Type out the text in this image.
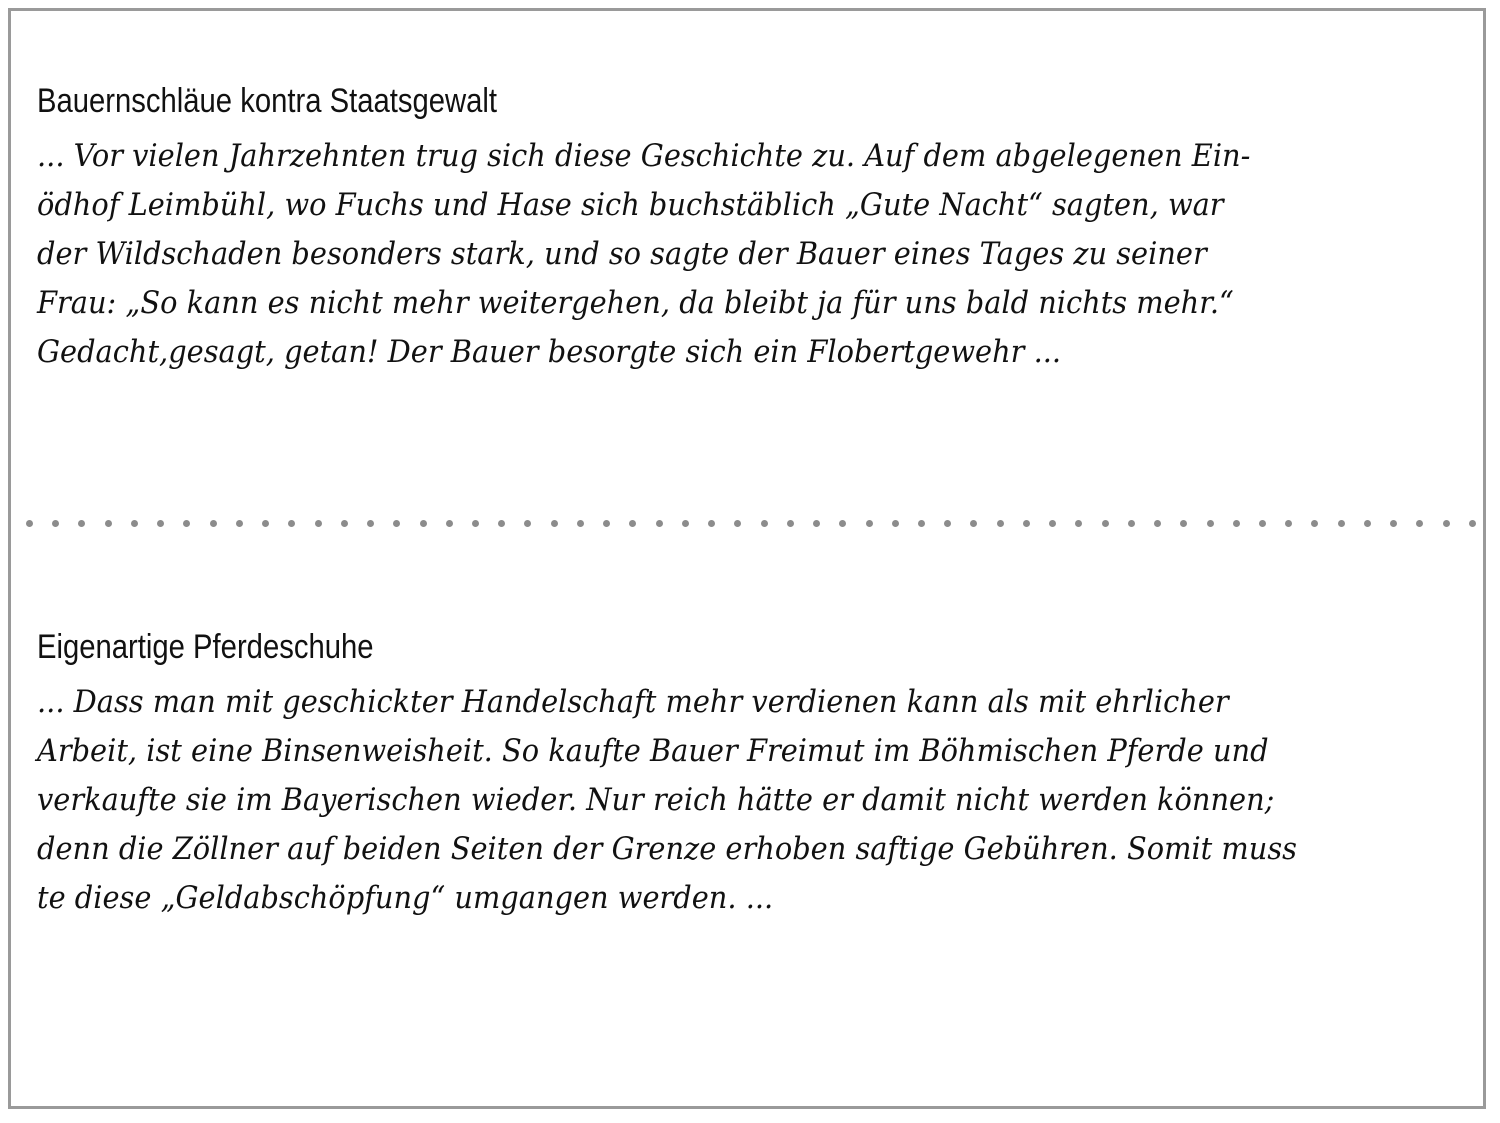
Bauernschläue kontra Staatsgewalt

... Vor vielen Jahrzehnten trug sich diese Geschichte zu. Auf dem abgelegenen Ein-
ödhof Leimbühl, wo Fuchs und Hase sich buchstäblich „Gute Nacht“ sagten, war
der Wildschaden besonders stark, und so sagte der Bauer eines Tages zu seiner
Frau: „So kann es nicht mehr weitergehen, da bleibt ja für uns bald nichts mehr.“
Gedacht,gesagt, getan! Der Bauer besorgte sich ein Flobertgewehr ...

Eigenartige Pferdeschuhe

... Dass man mit geschickter Handelschaft mehr verdienen kann als mit ehrlicher
Arbeit, ist eine Binsenweisheit. So kaufte Bauer Freimut im Böhmischen Pferde und
verkaufte sie im Bayerischen wieder. Nur reich hätte er damit nicht werden können;
denn die Zöllner auf beiden Seiten der Grenze erhoben saftige Gebühren. Somit muss
te diese „Geldabschöpfung“ umgangen werden. ...
